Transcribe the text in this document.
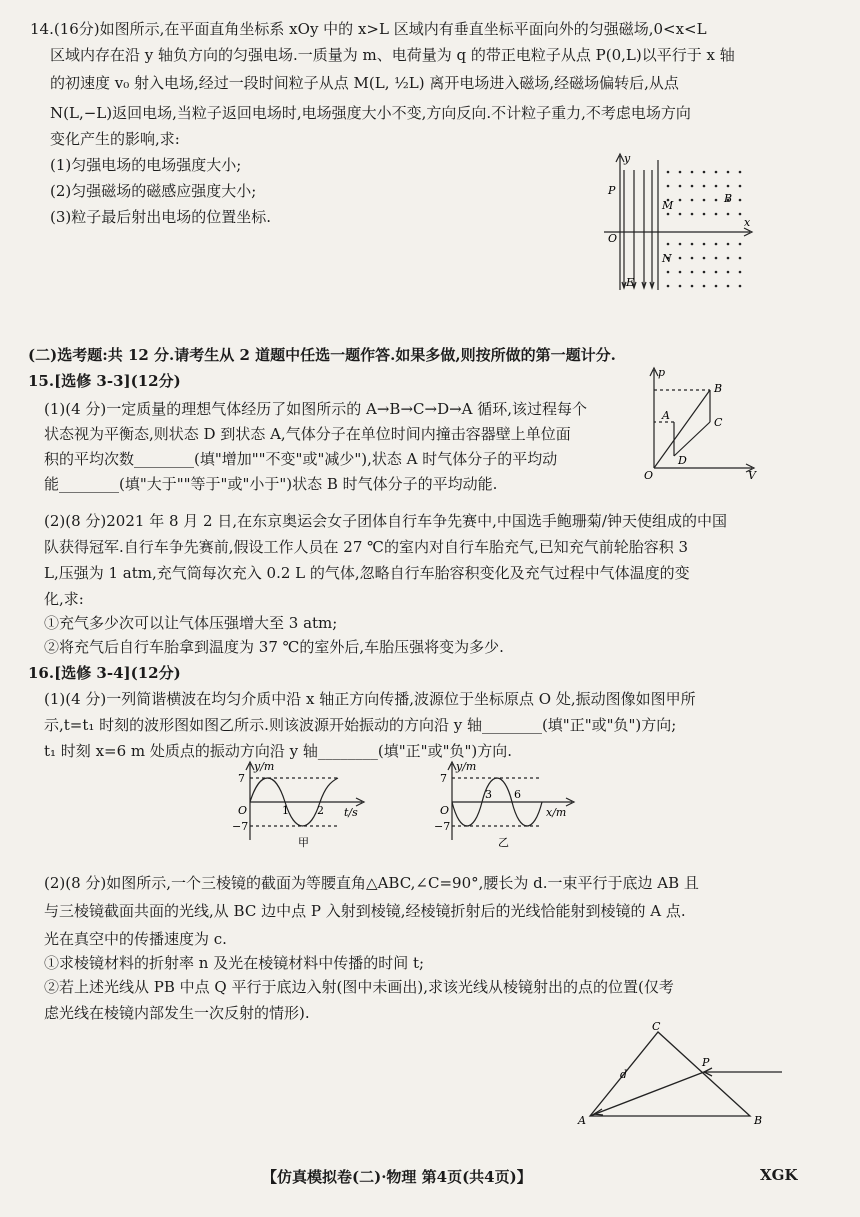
14.(16分)如图所示,在平面直角坐标系 xOy 中的 x>L 区域内有垂直坐标平面向外的匀强磁场,0<x<L
区域内存在沿 y 轴负方向的匀强电场.一质量为 m、电荷量为 q 的带正电粒子从点 P(0,L)以平行于 x 轴
的初速度 v₀ 射入电场,经过一段时间粒子从点 M(L, ½L) 离开电场进入磁场,经磁场偏转后,从点
N(L,−L)返回电场,当粒子返回电场时,电场强度大小不变,方向反向.不计粒子重力,不考虑电场方向
变化产生的影响,求:
(1)匀强电场的电场强度大小;
(2)匀强磁场的磁感应强度大小;
(3)粒子最后射出电场的位置坐标.
P
y
M
B
O
x
N
E
(二)选考题:共 12 分.请考生从 2 道题中任选一题作答.如果多做,则按所做的第一题计分.
15.[选修 3-3](12分)
(1)(4 分)一定质量的理想气体经历了如图所示的 A→B→C→D→A 循环,该过程每个
状态视为平衡态,则状态 D 到状态 A,气体分子在单位时间内撞击容器壁上单位面
积的平均次数________(填"增加""不变"或"减少"),状态 A 时气体分子的平均动
能________(填"大于""等于"或"小于")状态 B 时气体分子的平均动能.
(2)(8 分)2021 年 8 月 2 日,在东京奥运会女子团体自行车争先赛中,中国选手鲍珊菊/钟天使组成的中国
队获得冠军.自行车争先赛前,假设工作人员在 27 ℃的室内对自行车胎充气,已知充气前轮胎容积 3
L,压强为 1 atm,充气筒每次充入 0.2 L 的气体,忽略自行车胎容积变化及充气过程中气体温度的变
化,求:
①充气多少次可以让气体压强增大至 3 atm;
②将充气后自行车胎拿到温度为 37 ℃的室外后,车胎压强将变为多少.
p
V
O
A
B
C
D
16.[选修 3-4](12分)
(1)(4 分)一列简谐横波在均匀介质中沿 x 轴正方向传播,波源位于坐标原点 O 处,振动图像如图甲所
示,t=t₁ 时刻的波形图如图乙所示.则该波源开始振动的方向沿 y 轴________(填"正"或"负")方向;
t₁ 时刻 x=6 m 处质点的振动方向沿 y 轴________(填"正"或"负")方向.
y/m
7
−7
O	1	2 t/s
甲
y/m
7
−7
O
3 6
x/m
乙
(2)(8 分)如图所示,一个三棱镜的截面为等腰直角△ABC,∠C=90°,腰长为 d.一束平行于底边 AB 且
与三棱镜截面共面的光线,从 BC 边中点 P 入射到棱镜,经棱镜折射后的光线恰能射到棱镜的 A 点.
光在真空中的传播速度为 c.
①求棱镜材料的折射率 n 及光在棱镜材料中传播的时间 t;
②若上述光线从 PB 中点 Q 平行于底边入射(图中未画出),求该光线从棱镜射出的点的位置(仅考
虑光线在棱镜内部发生一次反射的情形).
C
d
P
A	B
【仿真模拟卷(二)·物理 第4页(共4页)】	XGK
